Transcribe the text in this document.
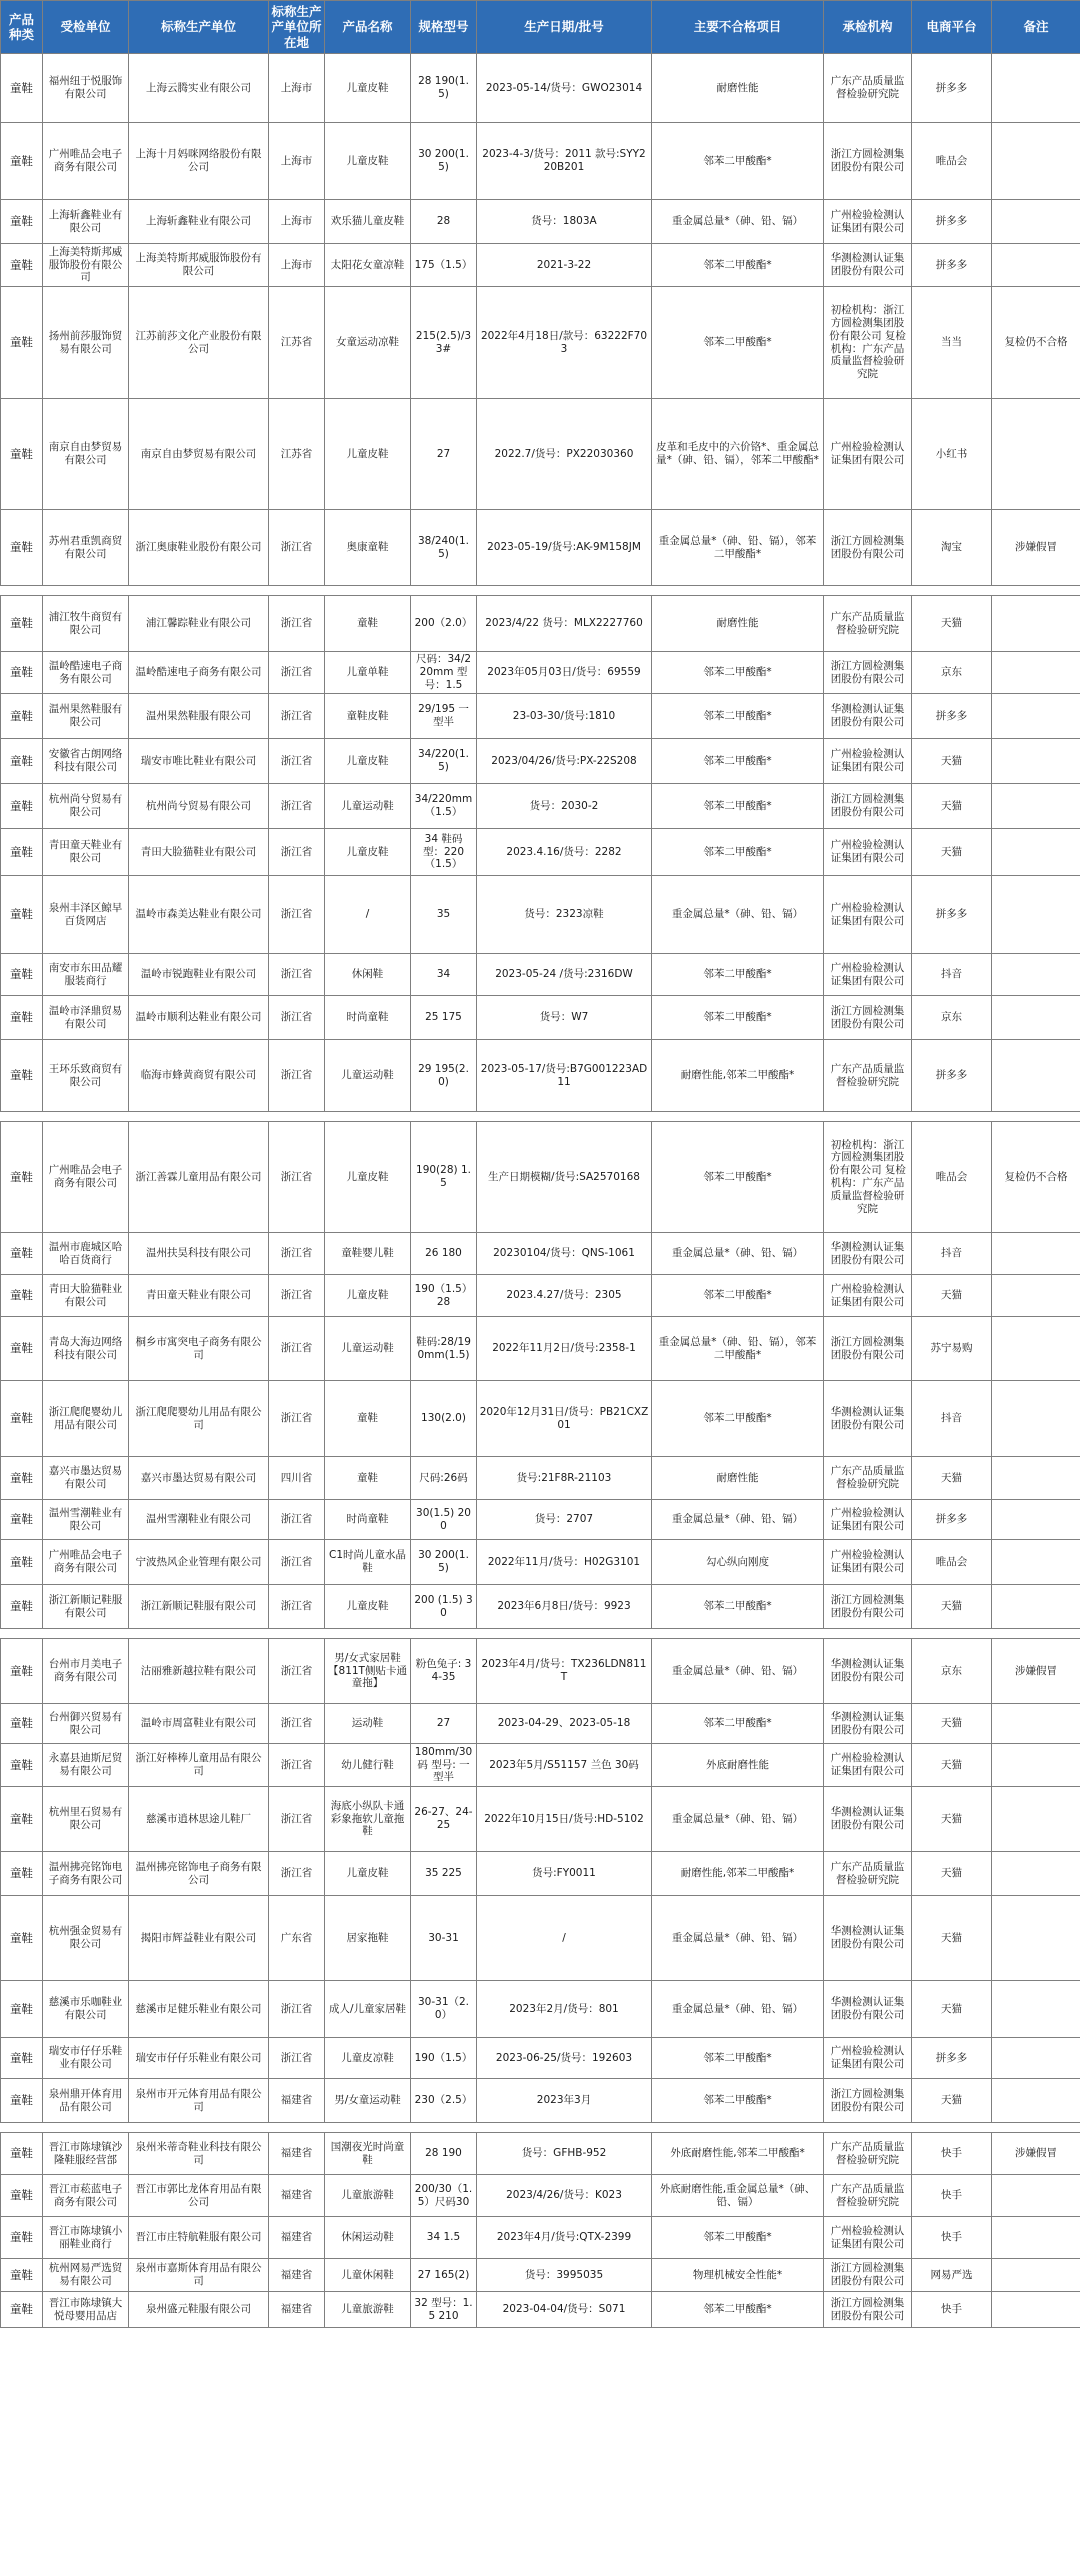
产品种类	受检单位	标称生产单位	标称生产产单位所在地	产品名称	规格型号	生产日期/批号	主要不合格项目	承检机构	电商平台	备注
童鞋	福州纽于悦服饰有限公司	上海云腾实业有限公司	上海市	儿童皮鞋	28 190(1.5)	2023-05-14/货号：GWO23014	耐磨性能	广东产品质量监督检验研究院	拼多多	
童鞋	广州唯品会电子商务有限公司	上海十月妈咪网络股份有限公司	上海市	儿童皮鞋	30 200(1.5)	2023-4-3/货号：2011 款号:SYY220B201	邻苯二甲酸酯*	浙江方圆检测集团股份有限公司	唯品会	
童鞋	上海斩鑫鞋业有限公司	上海斩鑫鞋业有限公司	上海市	欢乐猫儿童皮鞋	28	货号：1803A	重金属总量*（砷、铅、镉）	广州检验检测认证集团有限公司	拼多多	
童鞋	上海美特斯邦威服饰股份有限公司	上海美特斯邦威服饰股份有限公司	上海市	太阳花女童凉鞋	175（1.5）	2021-3-22	邻苯二甲酸酯*	华测检测认证集团股份有限公司	拼多多	
童鞋	扬州前莎服饰贸易有限公司	江苏前莎文化产业股份有限公司	江苏省	女童运动凉鞋	215(2.5)/33#	2022年4月18日/款号：63222F703	邻苯二甲酸酯*	初检机构：浙江方圆检测集团股份有限公司 复检机构：广东产品质量监督检验研究院	当当	复检仍不合格
童鞋	南京自由梦贸易有限公司	南京自由梦贸易有限公司	江苏省	儿童皮鞋	27	2022.7/货号：PX22030360	皮革和毛皮中的六价铬*、重金属总量*（砷、铅、镉），邻苯二甲酸酯*	广州检验检测认证集团有限公司	小红书	
童鞋	苏州君重凯商贸有限公司	浙江奥康鞋业股份有限公司	浙江省	奥康童鞋	38/240(1.5)	2023-05-19/货号:AK-9M158JM	重金属总量*（砷、铅、镉），邻苯二甲酸酯*	浙江方圆检测集团股份有限公司	淘宝	涉嫌假冒

童鞋	浦江牧牛商贸有限公司	浦江馨踪鞋业有限公司	浙江省	童鞋	200（2.0）	2023/4/22 货号：MLX2227760	耐磨性能	广东产品质量监督检验研究院	天猫	
童鞋	温岭酷速电子商务有限公司	温岭酷速电子商务有限公司	浙江省	儿童单鞋	尺码：34/220mm 型号：1.5	2023年05月03日/货号：69559	邻苯二甲酸酯*	浙江方圆检测集团股份有限公司	京东	
童鞋	温州果然鞋服有限公司	温州果然鞋服有限公司	浙江省	童鞋皮鞋	29/195 一型半	23-03-30/货号:1810	邻苯二甲酸酯*	华测检测认证集团股份有限公司	拼多多	
童鞋	安徽省古朗网络科技有限公司	瑞安市唯比鞋业有限公司	浙江省	儿童皮鞋	34/220(1.5)	2023/04/26/货号:PX-22S208	邻苯二甲酸酯*	广州检验检测认证集团有限公司	天猫	
童鞋	杭州尚兮贸易有限公司	杭州尚兮贸易有限公司	浙江省	儿童运动鞋	34/220mm（1.5）	货号：2030-2	邻苯二甲酸酯*	浙江方圆检测集团股份有限公司	天猫	
童鞋	青田童天鞋业有限公司	青田大脸猫鞋业有限公司	浙江省	儿童皮鞋	34 鞋码 型：220（1.5）	2023.4.16/货号：2282	邻苯二甲酸酯*	广州检验检测认证集团有限公司	天猫	
童鞋	泉州丰泽区鲸早百货网店	温岭市森美达鞋业有限公司	浙江省	/	35	货号：2323凉鞋	重金属总量*（砷、铅、镉）	广州检验检测认证集团有限公司	拼多多	
童鞋	南安市东田品耀服装商行	温岭市锐跑鞋业有限公司	浙江省	休闲鞋	34	2023-05-24 /货号:2316DW	邻苯二甲酸酯*	广州检验检测认证集团有限公司	抖音	
童鞋	温岭市泽鼎贸易有限公司	温岭市顺利达鞋业有限公司	浙江省	时尚童鞋	25 175	货号：W7	邻苯二甲酸酯*	浙江方圆检测集团股份有限公司	京东	
童鞋	王环乐致商贸有限公司	临海市蜂黄商贸有限公司	浙江省	儿童运动鞋	29 195(2.0)	2023-05-17/货号:B7G001223AD11	耐磨性能,邻苯二甲酸酯*	广东产品质量监督检验研究院	拼多多	

童鞋	广州唯品会电子商务有限公司	浙江善霖儿童用品有限公司	浙江省	儿童皮鞋	190(28) 1.5	生产日期模糊/货号:SA2570168	邻苯二甲酸酯*	初检机构：浙江方圆检测集团股份有限公司 复检机构：广东产品质量监督检验研究院	唯品会	复检仍不合格
童鞋	温州市鹿城区哈哈百货商行	温州扶昊科技有限公司	浙江省	童鞋婴儿鞋	26 180	20230104/货号：QNS-1061	重金属总量*（砷、铅、镉）	华测检测认证集团股份有限公司	抖音	
童鞋	青田大脸猫鞋业有限公司	青田童天鞋业有限公司	浙江省	儿童皮鞋	190（1.5）28	2023.4.27/货号：2305	邻苯二甲酸酯*	广州检验检测认证集团有限公司	天猫	
童鞋	青岛大海边网络科技有限公司	桐乡市寓突电子商务有限公司	浙江省	儿童运动鞋	鞋码:28/190mm(1.5)	2022年11月2日/货号:2358-1	重金属总量*（砷、铅、镉），邻苯二甲酸酯*	浙江方圆检测集团股份有限公司	苏宁易购	
童鞋	浙江爬爬婴幼儿用品有限公司	浙江爬爬婴幼儿用品有限公司	浙江省	童鞋	130(2.0)	2020年12月31日/货号：PB21CXZ01	邻苯二甲酸酯*	华测检测认证集团股份有限公司	抖音	
童鞋	嘉兴市墨达贸易有限公司	嘉兴市墨达贸易有限公司	四川省	童鞋	尺码:26码	货号:21F8R-21103	耐磨性能	广东产品质量监督检验研究院	天猫	
童鞋	温州雪潮鞋业有限公司	温州雪潮鞋业有限公司	浙江省	时尚童鞋	30(1.5) 200	货号：2707	重金属总量*（砷、铅、镉）	广州检验检测认证集团有限公司	拼多多	
童鞋	广州唯品会电子商务有限公司	宁波热风企业管理有限公司	浙江省	C1时尚儿童水晶鞋	30 200(1.5)	2022年11月/货号：H02G3101	勾心纵向刚度	广州检验检测认证集团有限公司	唯品会	
童鞋	浙江新顺记鞋服有限公司	浙江新顺记鞋服有限公司	浙江省	儿童皮鞋	200 (1.5) 30	2023年6月8日/货号：9923	邻苯二甲酸酯*	浙江方圆检测集团股份有限公司	天猫	

童鞋	台州市月美电子商务有限公司	沽丽雅新越拉鞋有限公司	浙江省	男/女式家居鞋【811T侧贴卡通童拖】	粉色兔子: 34-35	2023年4月/货号：TX236LDN811T	重金属总量*（砷、铅、镉）	华测检测认证集团股份有限公司	京东	涉嫌假冒
童鞋	台州御兴贸易有限公司	温岭市周富鞋业有限公司	浙江省	运动鞋	27	2023-04-29、2023-05-18	邻苯二甲酸酯*	华测检测认证集团股份有限公司	天猫	
童鞋	永嘉县迪斯尼贸易有限公司	浙江好棒棒儿童用品有限公司	浙江省	幼儿健行鞋	180mm/30码 型号: 一型半	2023年5月/S51157 兰色 30码	外底耐磨性能	广州检验检测认证集团有限公司	天猫	
童鞋	杭州里石贸易有限公司	慈溪市逍林思途儿鞋厂	浙江省	海底小纵队卡通彩象拖软儿童拖鞋	26-27、24-25	2022年10月15日/货号:HD-5102	重金属总量*（砷、铅、镉）	华测检测认证集团股份有限公司	天猫	
童鞋	温州拂亮铭饰电子商务有限公司	温州拂亮铭饰电子商务有限公司	浙江省	儿童皮鞋	35 225	货号:FY0011	耐磨性能,邻苯二甲酸酯*	广东产品质量监督检验研究院	天猫	
童鞋	杭州强金贸易有限公司	揭阳市辉益鞋业有限公司	广东省	居家拖鞋	30-31	/	重金属总量*（砷、铅、镉）	华测检测认证集团股份有限公司	天猫	
童鞋	慈溪市乐咖鞋业有限公司	慈溪市足健乐鞋业有限公司	浙江省	成人/儿童家居鞋	30-31（2.0）	2023年2月/货号：801	重金属总量*（砷、铅、镉）	华测检测认证集团股份有限公司	天猫	
童鞋	瑞安市仔仔乐鞋业有限公司	瑞安市仔仔乐鞋业有限公司	浙江省	儿童皮凉鞋	190（1.5）	2023-06-25/货号：192603	邻苯二甲酸酯*	广州检验检测认证集团有限公司	拼多多	
童鞋	泉州鼎开体育用品有限公司	泉州市开元体育用品有限公司	福建省	男/女童运动鞋	230（2.5）	2023年3月	邻苯二甲酸酯*	浙江方圆检测集团股份有限公司	天猫	

童鞋	晋江市陈埭镇沙隆鞋服经营部	泉州米蒂奇鞋业科技有限公司	福建省	国潮夜光时尚童鞋	28 190	货号：GFHB-952	外底耐磨性能,邻苯二甲酸酯*	广东产品质量监督检验研究院	快手	涉嫌假冒
童鞋	晋江市菘蓝电子商务有限公司	晋江市郭比龙体育用品有限公司	福建省	儿童旅游鞋	200/30（1.5）尺码30	2023/4/26/货号：K023	外底耐磨性能,重金属总量*（砷、铅、镉）	广东产品质量监督检验研究院	快手	
童鞋	晋江市陈埭镇小丽鞋业商行	晋江市庄特航鞋服有限公司	福建省	休闲运动鞋	34 1.5	2023年4月/货号:QTX-2399	邻苯二甲酸酯*	广州检验检测认证集团有限公司	快手	
童鞋	杭州网易严选贸易有限公司	泉州市嘉斯体育用品有限公司	福建省	儿童休闲鞋	27 165(2)	货号：3995035	物理机械安全性能*	浙江方圆检测集团股份有限公司	网易严选	
童鞋	晋江市陈埭镇大悦母婴用品店	泉州盛元鞋服有限公司	福建省	儿童旅游鞋	32 型号：1.5 210	2023-04-04/货号：S071	邻苯二甲酸酯*	浙江方圆检测集团股份有限公司	快手	
